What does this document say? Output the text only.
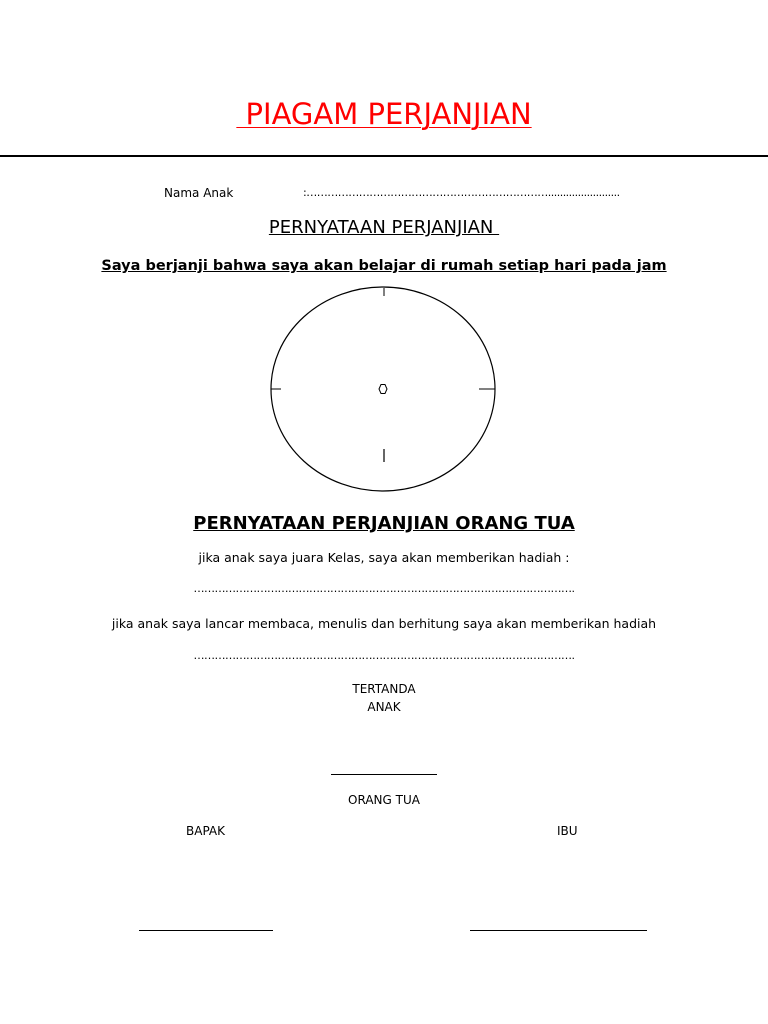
PIAGAM PERJANJIAN
Nama Anak	:……………………………………………………………........................
PERNYATAAN PERJANJIAN
Saya berjanji bahwa saya akan belajar di rumah setiap hari pada jam
PERNYATAAN PERJANJIAN ORANG TUA
jika anak saya juara Kelas, saya akan memberikan hadiah :
……………………………………………………………………………………………….
jika anak saya lancar membaca, menulis dan berhitung saya akan memberikan hadiah
……………………………………………………………………………………………….
TERTANDA
ANAK
ORANG TUA
BAPAK	IBU
